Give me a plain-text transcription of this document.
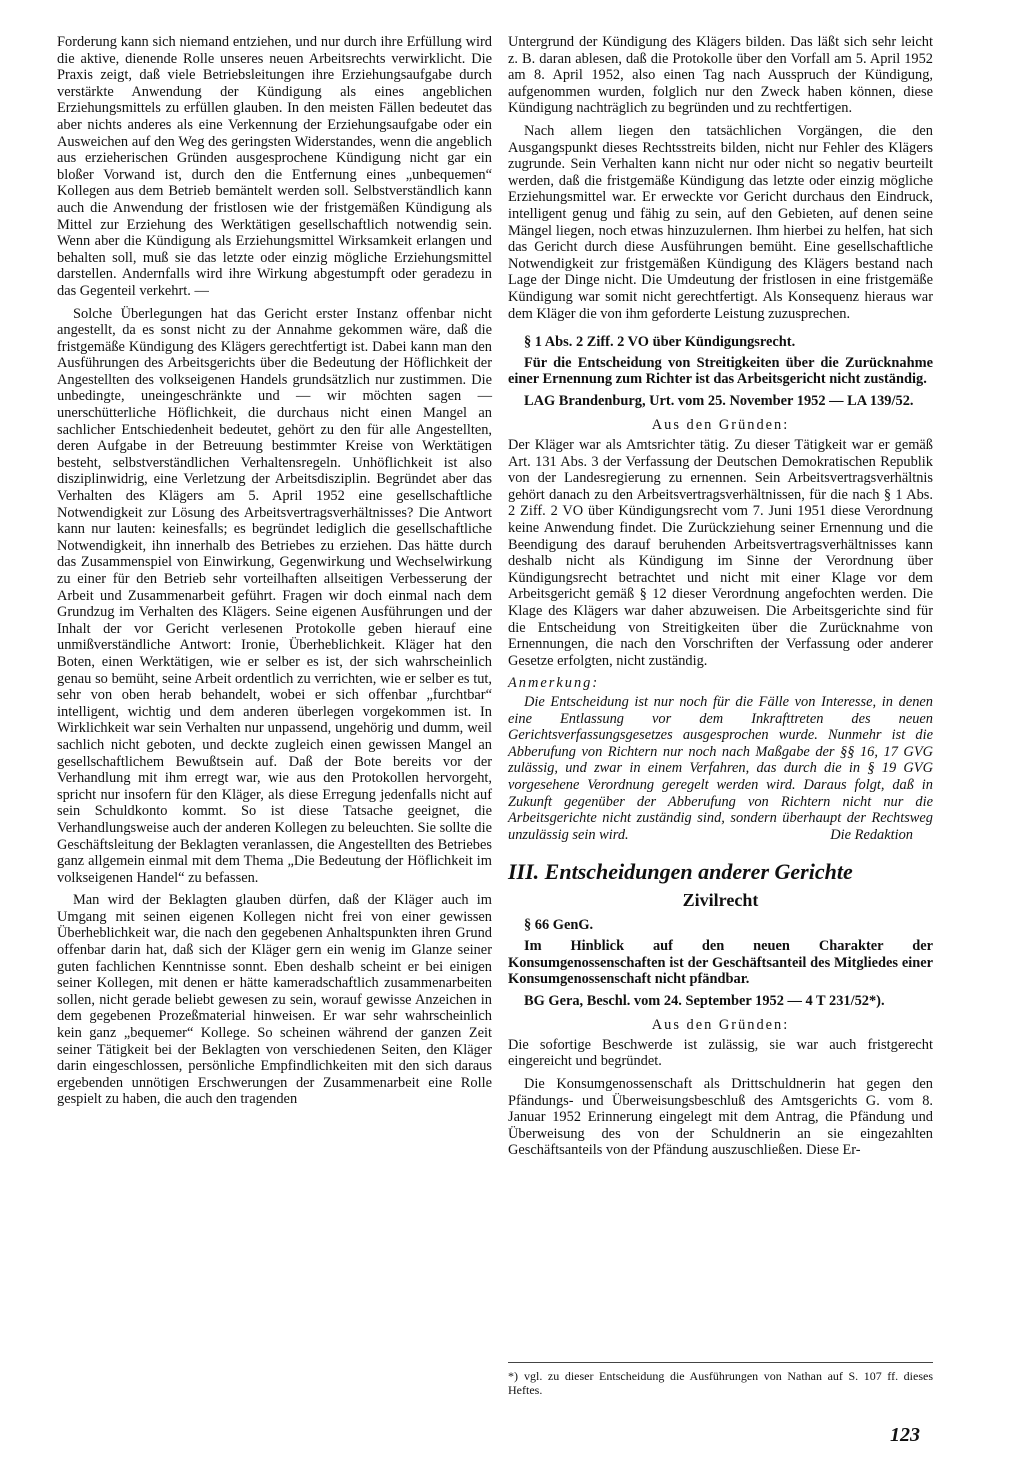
Forderung kann sich niemand entziehen, und nur durch ihre Erfüllung wird die aktive, dienende Rolle unseres neuen Arbeitsrechts verwirklicht. Die Praxis zeigt, daß viele Betriebsleitungen ihre Erziehungsaufgabe durch verstärkte Anwendung der Kündigung als eines angeblichen Erziehungsmittels zu erfüllen glauben. In den meisten Fällen bedeutet das aber nichts anderes als eine Verkennung der Erziehungsaufgabe oder ein Ausweichen auf den Weg des geringsten Widerstandes, wenn die angeblich aus erzieherischen Gründen ausgesprochene Kündigung nicht gar ein bloßer Vorwand ist, durch den die Entfernung eines „unbequemen“ Kollegen aus dem Betrieb bemäntelt werden soll. Selbstverständlich kann auch die Anwendung der fristlosen wie der fristgemäßen Kündigung als Mittel zur Erziehung des Werktätigen gesellschaftlich notwendig sein. Wenn aber die Kündigung als Erziehungsmittel Wirksamkeit erlangen und behalten soll, muß sie das letzte oder einzig mögliche Erziehungsmittel darstellen. Andernfalls wird ihre Wirkung abgestumpft oder geradezu in das Gegenteil verkehrt. —

Solche Überlegungen hat das Gericht erster Instanz offenbar nicht angestellt, da es sonst nicht zu der Annahme gekommen wäre, daß die fristgemäße Kündigung des Klägers gerechtfertigt ist. Dabei kann man den Ausführungen des Arbeitsgerichts über die Bedeutung der Höflichkeit der Angestellten des volkseigenen Handels grundsätzlich nur zustimmen. Die unbedingte, uneingeschränkte und — wir möchten sagen — unerschütterliche Höflichkeit, die durchaus nicht einen Mangel an sachlicher Entschiedenheit bedeutet, gehört zu den für alle Angestellten, deren Aufgabe in der Betreuung bestimmter Kreise von Werktätigen besteht, selbstverständlichen Verhaltensregeln. Unhöflichkeit ist also disziplinwidrig, eine Verletzung der Arbeitsdisziplin. Begründet aber das Verhalten des Klägers am 5. April 1952 eine gesellschaftliche Notwendigkeit zur Lösung des Arbeitsvertragsverhältnisses? Die Antwort kann nur lauten: keinesfalls; es begründet lediglich die gesellschaftliche Notwendigkeit, ihn innerhalb des Betriebes zu erziehen. Das hätte durch das Zusammenspiel von Einwirkung, Gegenwirkung und Wechselwirkung zu einer für den Betrieb sehr vorteilhaften allseitigen Verbesserung der Arbeit und Zusammenarbeit geführt. Fragen wir doch einmal nach dem Grundzug im Verhalten des Klägers. Seine eigenen Ausführungen und der Inhalt der vor Gericht verlesenen Protokolle geben hierauf eine unmißverständliche Antwort: Ironie, Überheblichkeit. Kläger hat den Boten, einen Werktätigen, wie er selber es ist, der sich wahrscheinlich genau so bemüht, seine Arbeit ordentlich zu verrichten, wie er selber es tut, sehr von oben herab behandelt, wobei er sich offenbar „furchtbar“ intelligent, wichtig und dem anderen überlegen vorgekommen ist. In Wirklichkeit war sein Verhalten nur unpassend, ungehörig und dumm, weil sachlich nicht geboten, und deckte zugleich einen gewissen Mangel an gesellschaftlichem Bewußtsein auf. Daß der Bote bereits vor der Verhandlung mit ihm erregt war, wie aus den Protokollen hervorgeht, spricht nur insofern für den Kläger, als diese Erregung jedenfalls nicht auf sein Schuldkonto kommt. So ist diese Tatsache geeignet, die Verhandlungsweise auch der anderen Kollegen zu beleuchten. Sie sollte die Geschäftsleitung der Beklagten veranlassen, die Angestellten des Betriebes ganz allgemein einmal mit dem Thema „Die Bedeutung der Höflichkeit im volkseigenen Handel“ zu befassen.

Man wird der Beklagten glauben dürfen, daß der Kläger auch im Umgang mit seinen eigenen Kollegen nicht frei von einer gewissen Überheblichkeit war, die nach den gegebenen Anhaltspunkten ihren Grund offenbar darin hat, daß sich der Kläger gern ein wenig im Glanze seiner guten fachlichen Kenntnisse sonnt. Eben deshalb scheint er bei einigen seiner Kollegen, mit denen er hätte kameradschaftlich zusammenarbeiten sollen, nicht gerade beliebt gewesen zu sein, worauf gewisse Anzeichen in dem gegebenen Prozeßmaterial hinweisen. Er war sehr wahrscheinlich kein ganz „bequemer“ Kollege. So scheinen während der ganzen Zeit seiner Tätigkeit bei der Beklagten von verschiedenen Seiten, den Kläger darin eingeschlossen, persönliche Empfindlichkeiten mit den sich daraus ergebenden unnötigen Erschwerungen der Zusammenarbeit eine Rolle gespielt zu haben, die auch den tragenden

Untergrund der Kündigung des Klägers bilden. Das läßt sich sehr leicht z. B. daran ablesen, daß die Protokolle über den Vorfall am 5. April 1952 am 8. April 1952, also einen Tag nach Ausspruch der Kündigung, aufgenommen wurden, folglich nur den Zweck haben können, diese Kündigung nachträglich zu begründen und zu rechtfertigen.

Nach allem liegen den tatsächlichen Vorgängen, die den Ausgangspunkt dieses Rechtsstreits bilden, nicht nur Fehler des Klägers zugrunde. Sein Verhalten kann nicht nur oder nicht so negativ beurteilt werden, daß die fristgemäße Kündigung das letzte oder einzig mögliche Erziehungsmittel war. Er erweckte vor Gericht durchaus den Eindruck, intelligent genug und fähig zu sein, auf den Gebieten, auf denen seine Mängel liegen, noch etwas hinzuzulernen. Ihm hierbei zu helfen, hat sich das Gericht durch diese Ausführungen bemüht. Eine gesellschaftliche Notwendigkeit zur fristgemäßen Kündigung des Klägers bestand nach Lage der Dinge nicht. Die Umdeutung der fristlosen in eine fristgemäße Kündigung war somit nicht gerechtfertigt. Als Konsequenz hieraus war dem Kläger die von ihm geforderte Leistung zuzusprechen.

§ 1 Abs. 2 Ziff. 2 VO über Kündigungsrecht.
Für die Entscheidung von Streitigkeiten über die Zurücknahme einer Ernennung zum Richter ist das Arbeitsgericht nicht zuständig.
LAG Brandenburg, Urt. vom 25. November 1952 — LA 139/52.
Aus den Gründen:

Der Kläger war als Amtsrichter tätig. Zu dieser Tätigkeit war er gemäß Art. 131 Abs. 3 der Verfassung der Deutschen Demokratischen Republik von der Landesregierung zu ernennen. Sein Arbeitsvertragsverhältnis gehört danach zu den Arbeitsvertragsverhältnissen, für die nach § 1 Abs. 2 Ziff. 2 VO über Kündigungsrecht vom 7. Juni 1951 diese Verordnung keine Anwendung findet. Die Zurückziehung seiner Ernennung und die Beendigung des darauf beruhenden Arbeitsvertragsverhältnisses kann deshalb nicht als Kündigung im Sinne der Verordnung über Kündigungsrecht betrachtet und nicht mit einer Klage vor dem Arbeitsgericht gemäß § 12 dieser Verordnung angefochten werden. Die Klage des Klägers war daher abzuweisen. Die Arbeitsgerichte sind für die Entscheidung von Streitigkeiten über die Zurücknahme von Ernennungen, die nach den Vorschriften der Verfassung oder anderer Gesetze erfolgten, nicht zuständig.

Anmerkung:
Die Entscheidung ist nur noch für die Fälle von Interesse, in denen eine Entlassung vor dem Inkrafttreten des neuen Gerichtsverfassungsgesetzes ausgesprochen wurde. Nunmehr ist die Abberufung von Richtern nur noch nach Maßgabe der §§ 16, 17 GVG zulässig, und zwar in einem Verfahren, das durch die in § 19 GVG vorgesehene Verordnung geregelt werden wird. Daraus folgt, daß in Zukunft gegenüber der Abberufung von Richtern nicht nur die Arbeitsgerichte nicht zuständig sind, sondern überhaupt der Rechtsweg unzulässig sein wird.	Die Redaktion
III. Entscheidungen anderer Gerichte
Zivilrecht
§ 66 GenG.
Im Hinblick auf den neuen Charakter der Konsumgenossenschaften ist der Geschäftsanteil des Mitgliedes einer Konsumgenossenschaft nicht pfändbar.
BG Gera, Beschl. vom 24. September 1952 — 4 T 231/52*).
Aus den Gründen:

Die sofortige Beschwerde ist zulässig, sie war auch fristgerecht eingereicht und begründet.

Die Konsumgenossenschaft als Drittschuldnerin hat gegen den Pfändungs- und Überweisungsbeschluß des Amtsgerichts G. vom 8. Januar 1952 Erinnerung eingelegt mit dem Antrag, die Pfändung und Überweisung des von der Schuldnerin an sie eingezahlten Geschäftsanteils von der Pfändung auszuschließen. Diese Er-

*) vgl. zu dieser Entscheidung die Ausführungen von Nathan auf S. 107 ff. dieses Heftes.
123
